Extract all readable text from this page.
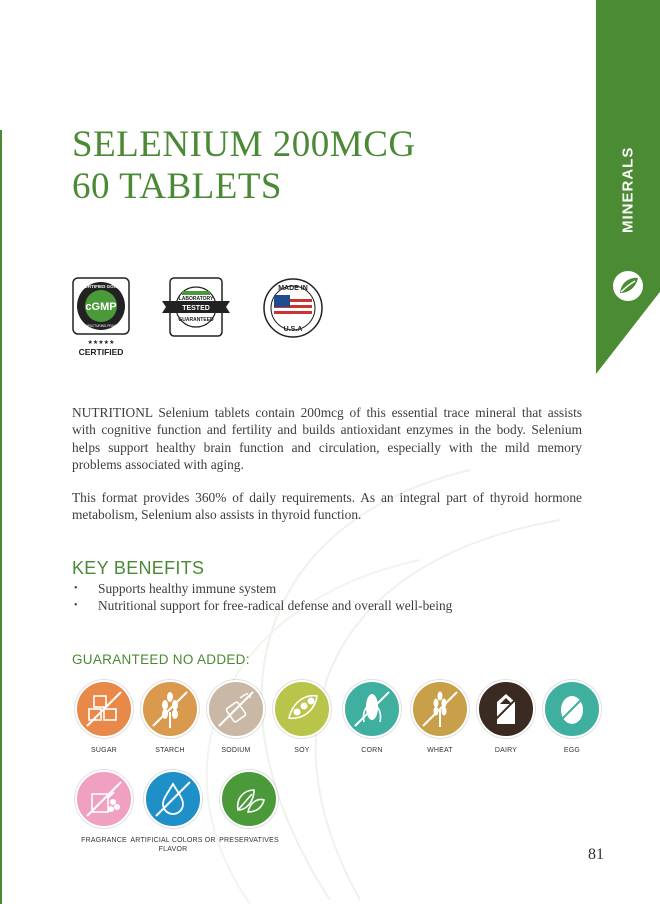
MINERALS
SELENIUM 200MCG
60 TABLETS
CERTIFIED GOOD
cGMP
MANUFACTURING PRACTICE
★★★★★
CERTIFIED
LABORATORY
TESTED
GUARANTEED
MADE IN
U.S.A

NUTRITIONL Selenium tablets contain 200mcg of this essential trace mineral that assists with cognitive function and fertility and builds antioxidant enzymes in the body. Selenium helps support healthy brain function and circulation, especially with the mild memory problems associated with aging.

This format provides 360% of daily requirements. As an integral part of thyroid hormone metabolism, Selenium also assists in thyroid function.

KEY BENEFITS
• Supports healthy immune system
• Nutritional support for free-radical defense and overall well-being
GUARANTEED NO ADDED:
SUGAR	STARCH	SODIUM	SOY	CORN	WHEAT	DAIRY	EGG
FRAGRANCE ARTIFICIAL COLORS OR FLAVOR
PRESERVATIVES

81
